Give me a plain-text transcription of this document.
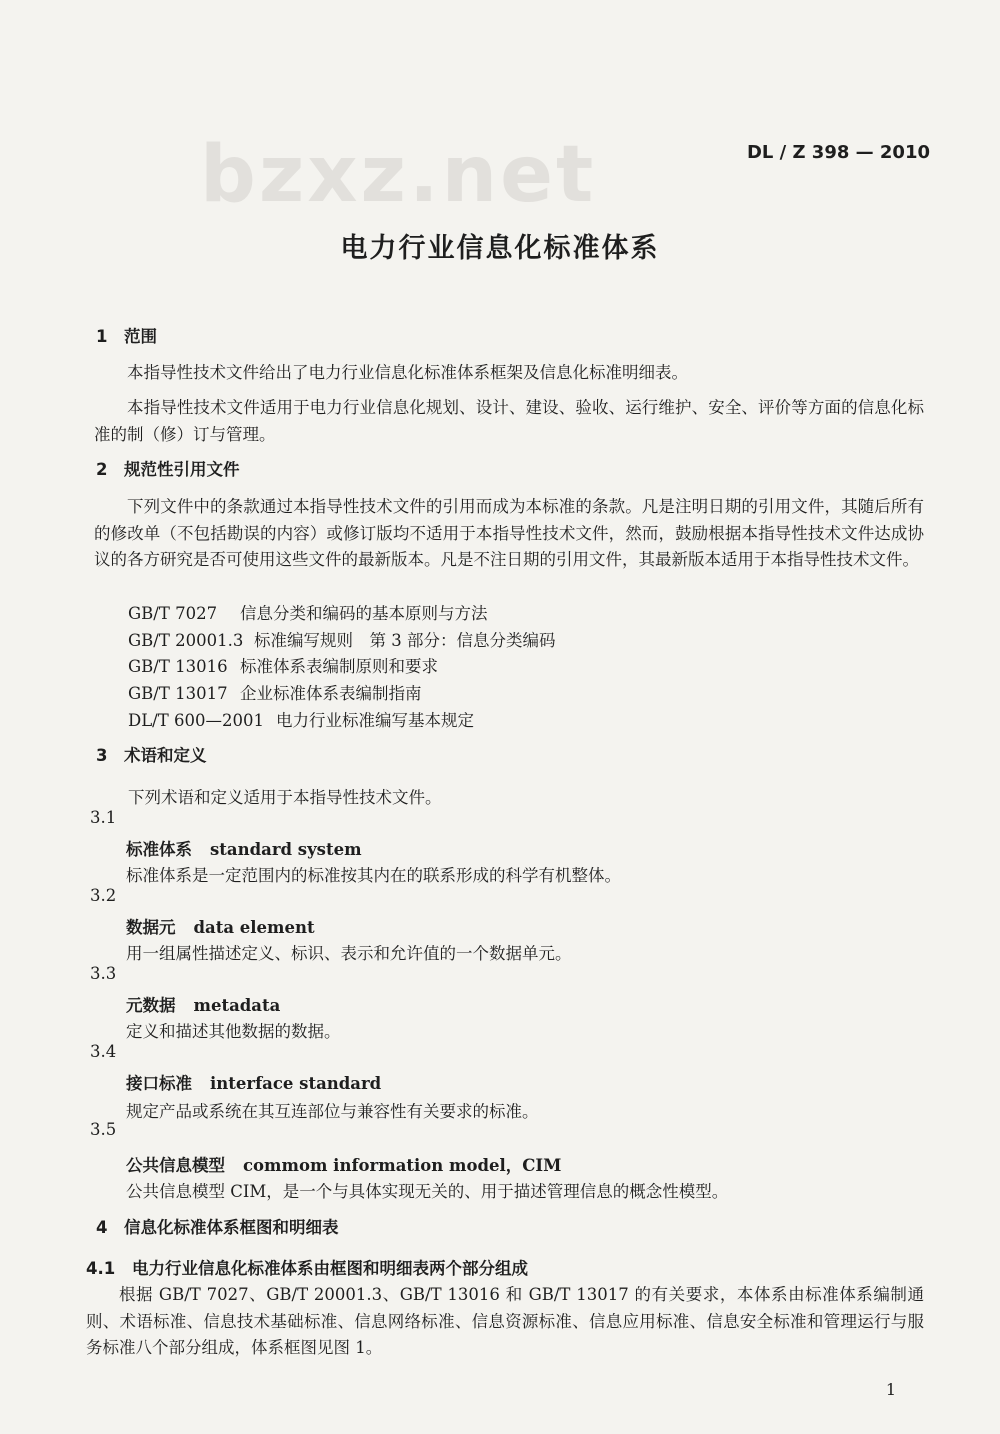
bzxz.net	DL / Z 398 — 2010
电力行业信息化标准体系
1 范围
本指导性技术文件给出了电力行业信息化标准体系框架及信息化标准明细表。
本指导性技术文件适用于电力行业信息化规划、设计、建设、验收、运行维护、安全、评价等方面的信息化标准的制（修）订与管理。
2 规范性引用文件
下列文件中的条款通过本指导性技术文件的引用而成为本标准的条款。凡是注明日期的引用文件，其随后所有的修改单（不包括勘误的内容）或修订版均不适用于本指导性技术文件，然而，鼓励根据本指导性技术文件达成协议的各方研究是否可使用这些文件的最新版本。凡是不注日期的引用文件，其最新版本适用于本指导性技术文件。
GB/T 7027 信息分类和编码的基本原则与方法
GB/T 20001.3 标准编写规则　第 3 部分：信息分类编码
GB/T 13016 标准体系表编制原则和要求
GB/T 13017 企业标准体系表编制指南
DL/T 600—2001 电力行业标准编写基本规定
3 术语和定义
下列术语和定义适用于本指导性技术文件。
3.1
标准体系 standard system
标准体系是一定范围内的标准按其内在的联系形成的科学有机整体。
3.2
数据元 data element
用一组属性描述定义、标识、表示和允许值的一个数据单元。
3.3
元数据 metadata
定义和描述其他数据的数据。
3.4
接口标准 interface standard
规定产品或系统在其互连部位与兼容性有关要求的标准。
3.5
公共信息模型 commom information model，CIM
公共信息模型 CIM，是一个与具体实现无关的、用于描述管理信息的概念性模型。
4 信息化标准体系框图和明细表
4.1 电力行业信息化标准体系由框图和明细表两个部分组成
根据 GB/T 7027、GB/T 20001.3、GB/T 13016 和 GB/T 13017 的有关要求，本体系由标准体系编制通则、术语标准、信息技术基础标准、信息网络标准、信息资源标准、信息应用标准、信息安全标准和管理运行与服务标准八个部分组成，体系框图见图 1。
1
